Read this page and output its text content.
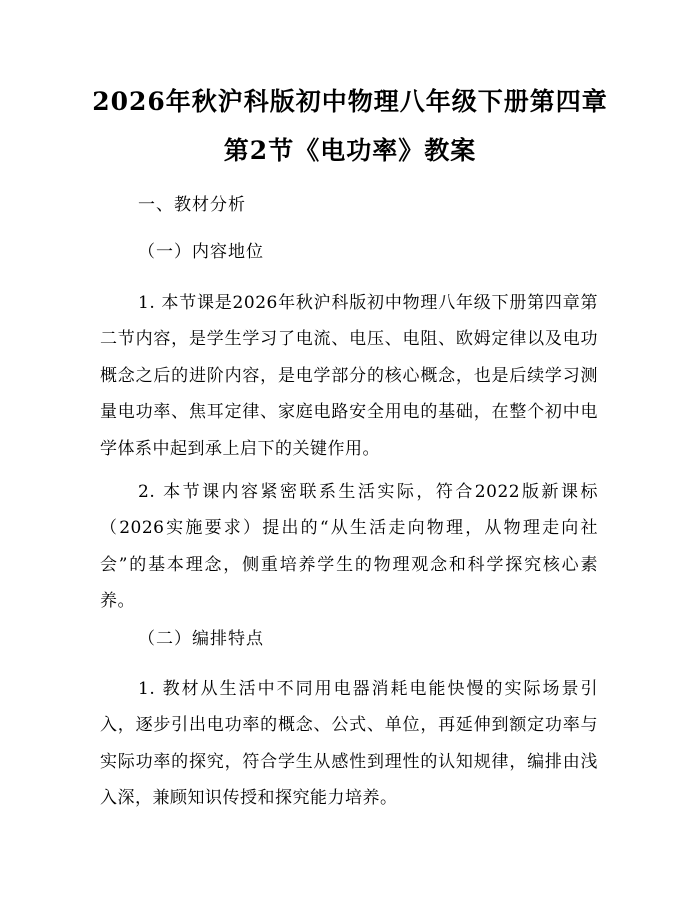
2026年秋沪科版初中物理八年级下册第四章
第2节《电功率》教案
一、教材分析
（一）内容地位

1. 本节课是2026年秋沪科版初中物理八年级下册第四章第二节内容，是学生学习了电流、电压、电阻、欧姆定律以及电功概念之后的进阶内容，是电学部分的核心概念，也是后续学习测量电功率、焦耳定律、家庭电路安全用电的基础，在整个初中电学体系中起到承上启下的关键作用。

2. 本节课内容紧密联系生活实际，符合2022版新课标（2026实施要求）提出的“从生活走向物理，从物理走向社会”的基本理念，侧重培养学生的物理观念和科学探究核心素养。

（二）编排特点

1. 教材从生活中不同用电器消耗电能快慢的实际场景引入，逐步引出电功率的概念、公式、单位，再延伸到额定功率与实际功率的探究，符合学生从感性到理性的认知规律，编排由浅入深，兼顾知识传授和探究能力培养。
